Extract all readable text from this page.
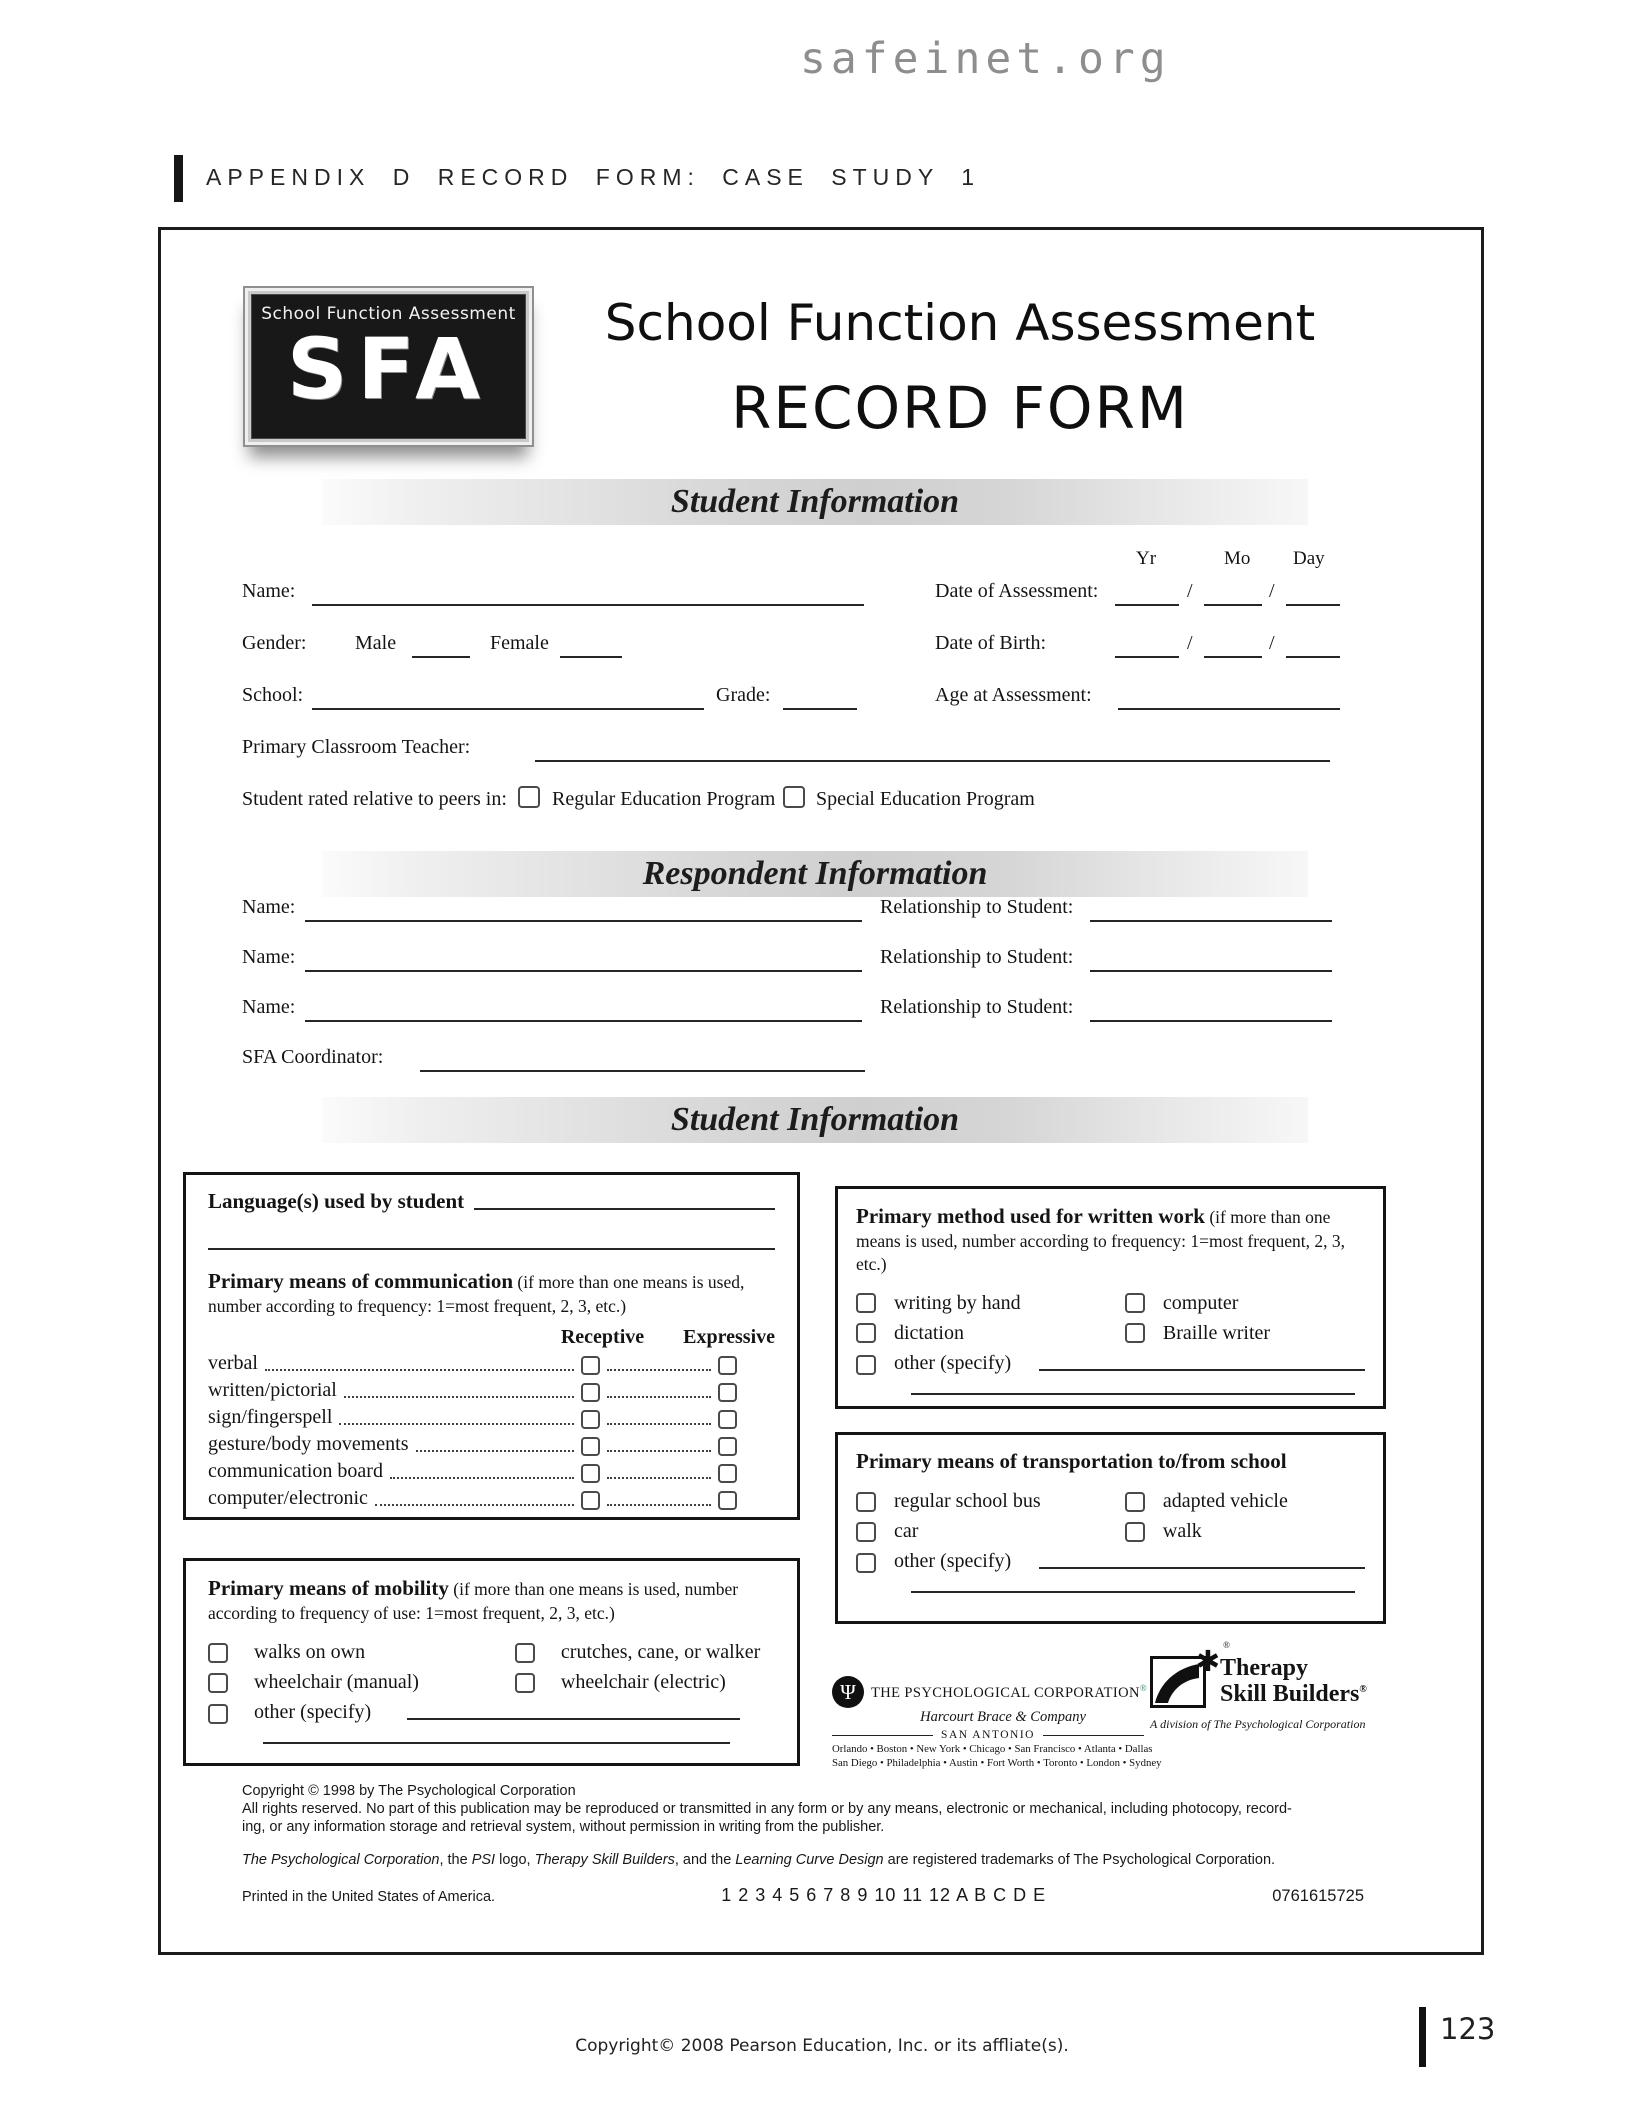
safeinet.org
APPENDIX D RECORD FORM: CASE STUDY 1
School Function Assessment
SFA	School Function Assessment
RECORD FORM
Student Information
Yr	Mo Day
Name:	Date of Assessment:	/	/
Gender: Male	Female	Date of Birth:	/	/
School:	Grade:	Age at Assessment:
Primary Classroom Teacher:
Student rated relative to peers in: Regular Education Program Special Education Program
Respondent Information
Name:	Relationship to Student:
Name:	Relationship to Student:
Name:	Relationship to Student:
SFA Coordinator:
Student Information
Language(s) used by student
Primary means of communication (if more than one means is used, number according to frequency: 1=most frequent, 2, 3, etc.)
Receptive Expressive
verbal
written/pictorial
sign/fingerspell
gesture/body movements
communication board
computer/electronic
Primary method used for written work (if more than one means is used, number according to frequency: 1=most frequent, 2, 3, etc.)
writing by hand	computer
dictation	Braille writer
other (specify)
Primary means of transportation to/from school
regular school bus	adapted vehicle
car	walk
other (specify)
Primary means of mobility (if more than one means is used, number according to frequency of use: 1=most frequent, 2, 3, etc.)
walks on own	crutches, cane, or walker
wheelchair (manual)	wheelchair (electric)
other (specify)
Ψ	THE PSYCHOLOGICAL CORPORATION®
Harcourt Brace & Company
SAN ANTONIO
Orlando • Boston • New York • Chicago • San Francisco • Atlanta • Dallas
San Diego • Philadelphia • Austin • Fort Worth • Toronto • London • Sydney
✱ ®
Therapy
Skill Builders®
A division of The Psychological Corporation
Copyright © 1998 by The Psychological Corporation
All rights reserved. No part of this publication may be reproduced or transmitted in any form or by any means, electronic or mechanical, including photocopy, record-
ing, or any information storage and retrieval system, without permission in writing from the publisher.
The Psychological Corporation, the PSI logo, Therapy Skill Builders, and the Learning Curve Design are registered trademarks of The Psychological Corporation.
Printed in the United States of America.	1 2 3 4 5 6 7 8 9 10 11 12 A B C D E	0761615725
Copyright© 2008 Pearson Education, Inc. or its affliate(s).	123
